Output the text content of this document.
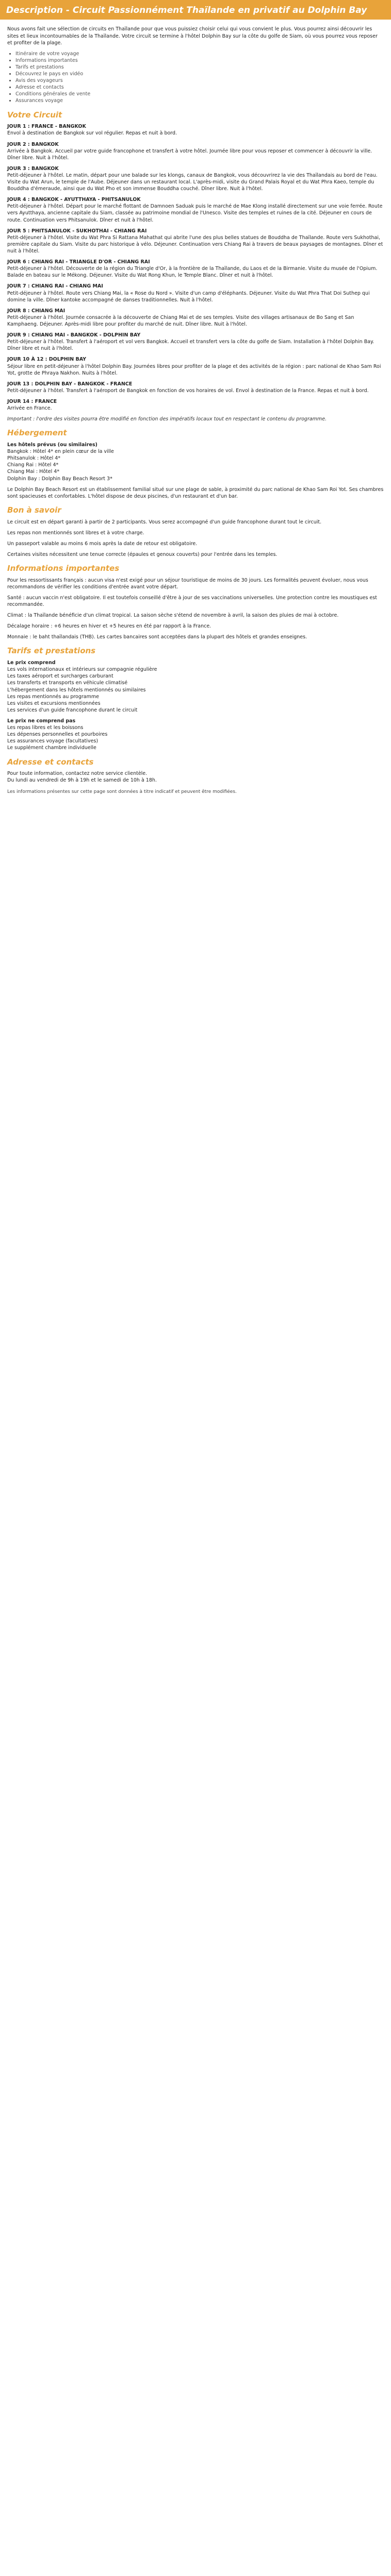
Description - Circuit Passionnément Thaïlande en privatif au Dolphin Bay
Nous avons fait une sélection de circuits en Thaïlande pour que vous puissiez choisir celui qui vous convient le plus. Vous pourrez ainsi découvrir les sites et lieux incontournables de la Thaïlande. Votre circuit se termine à l'hôtel Dolphin Bay sur la côte du golfe de Siam, où vous pourrez vous reposer et profiter de la plage.
• Itinéraire de votre voyage
• Informations importantes
• Tarifs et prestations
• Découvrez le pays en vidéo
• Avis des voyageurs
• Adresse et contacts
• Conditions générales de vente
• Assurances voyage
Votre Circuit
JOUR 1 : FRANCE - BANGKOK
Envol à destination de Bangkok sur vol régulier. Repas et nuit à bord.
JOUR 2 : BANGKOK
Arrivée à Bangkok. Accueil par votre guide francophone et transfert à votre hôtel. Journée libre pour vous reposer et commencer à découvrir la ville. Dîner libre. Nuit à l'hôtel.
JOUR 3 : BANGKOK
Petit-déjeuner à l'hôtel. Le matin, départ pour une balade sur les klongs, canaux de Bangkok, vous découvrirez la vie des Thaïlandais au bord de l'eau. Visite du Wat Arun, le temple de l'Aube. Déjeuner dans un restaurant local. L'après-midi, visite du Grand Palais Royal et du Wat Phra Kaeo, temple du Bouddha d'émeraude, ainsi que du Wat Pho et son immense Bouddha couché. Dîner libre. Nuit à l'hôtel.
JOUR 4 : BANGKOK - AYUTTHAYA - PHITSANULOK
Petit-déjeuner à l'hôtel. Départ pour le marché flottant de Damnoen Saduak puis le marché de Mae Klong installé directement sur une voie ferrée. Route vers Ayutthaya, ancienne capitale du Siam, classée au patrimoine mondial de l'Unesco. Visite des temples et ruines de la cité. Déjeuner en cours de route. Continuation vers Phitsanulok. Dîner et nuit à l'hôtel.
JOUR 5 : PHITSANULOK - SUKHOTHAI - CHIANG RAI
Petit-déjeuner à l'hôtel. Visite du Wat Phra Si Rattana Mahathat qui abrite l'une des plus belles statues de Bouddha de Thaïlande. Route vers Sukhothai, première capitale du Siam. Visite du parc historique à vélo. Déjeuner. Continuation vers Chiang Rai à travers de beaux paysages de montagnes. Dîner et nuit à l'hôtel.
JOUR 6 : CHIANG RAI - TRIANGLE D'OR - CHIANG RAI
Petit-déjeuner à l'hôtel. Découverte de la région du Triangle d'Or, à la frontière de la Thaïlande, du Laos et de la Birmanie. Visite du musée de l'Opium. Balade en bateau sur le Mékong. Déjeuner. Visite du Wat Rong Khun, le Temple Blanc. Dîner et nuit à l'hôtel.
JOUR 7 : CHIANG RAI - CHIANG MAI
Petit-déjeuner à l'hôtel. Route vers Chiang Mai, la « Rose du Nord ». Visite d'un camp d'éléphants. Déjeuner. Visite du Wat Phra That Doi Suthep qui domine la ville. Dîner kantoke accompagné de danses traditionnelles. Nuit à l'hôtel.
JOUR 8 : CHIANG MAI
Petit-déjeuner à l'hôtel. Journée consacrée à la découverte de Chiang Mai et de ses temples. Visite des villages artisanaux de Bo Sang et San Kamphaeng. Déjeuner. Après-midi libre pour profiter du marché de nuit. Dîner libre. Nuit à l'hôtel.
JOUR 9 : CHIANG MAI - BANGKOK - DOLPHIN BAY
Petit-déjeuner à l'hôtel. Transfert à l'aéroport et vol vers Bangkok. Accueil et transfert vers la côte du golfe de Siam. Installation à l'hôtel Dolphin Bay. Dîner libre et nuit à l'hôtel.
JOUR 10 À 12 : DOLPHIN BAY
Séjour libre en petit-déjeuner à l'hôtel Dolphin Bay. Journées libres pour profiter de la plage et des activités de la région : parc national de Khao Sam Roi Yot, grotte de Phraya Nakhon. Nuits à l'hôtel.
JOUR 13 : DOLPHIN BAY - BANGKOK - FRANCE
Petit-déjeuner à l'hôtel. Transfert à l'aéroport de Bangkok en fonction de vos horaires de vol. Envol à destination de la France. Repas et nuit à bord.
JOUR 14 : FRANCE
Arrivée en France.

Important : l'ordre des visites pourra être modifié en fonction des impératifs locaux tout en respectant le contenu du programme.

Hébergement
Les hôtels prévus (ou similaires)
Bangkok : Hôtel 4* en plein cœur de la ville
Phitsanulok : Hôtel 4*
Chiang Rai : Hôtel 4*
Chiang Mai : Hôtel 4*
Dolphin Bay : Dolphin Bay Beach Resort 3*

Le Dolphin Bay Beach Resort est un établissement familial situé sur une plage de sable, à proximité du parc national de Khao Sam Roi Yot. Ses chambres sont spacieuses et confortables. L'hôtel dispose de deux piscines, d'un restaurant et d'un bar.

Bon à savoir

Le circuit est en départ garanti à partir de 2 participants. Vous serez accompagné d'un guide francophone durant tout le circuit.

Les repas non mentionnés sont libres et à votre charge.

Un passeport valable au moins 6 mois après la date de retour est obligatoire.

Certaines visites nécessitent une tenue correcte (épaules et genoux couverts) pour l'entrée dans les temples.

Informations importantes

Pour les ressortissants français : aucun visa n'est exigé pour un séjour touristique de moins de 30 jours. Les formalités peuvent évoluer, nous vous recommandons de vérifier les conditions d'entrée avant votre départ.

Santé : aucun vaccin n'est obligatoire. Il est toutefois conseillé d'être à jour de ses vaccinations universelles. Une protection contre les moustiques est recommandée.

Climat : la Thaïlande bénéficie d'un climat tropical. La saison sèche s'étend de novembre à avril, la saison des pluies de mai à octobre.

Décalage horaire : +6 heures en hiver et +5 heures en été par rapport à la France.

Monnaie : le baht thaïlandais (THB). Les cartes bancaires sont acceptées dans la plupart des hôtels et grandes enseignes.

Tarifs et prestations
Le prix comprend
Les vols internationaux et intérieurs sur compagnie régulière
Les taxes aéroport et surcharges carburant
Les transferts et transports en véhicule climatisé
L'hébergement dans les hôtels mentionnés ou similaires
Les repas mentionnés au programme
Les visites et excursions mentionnées
Les services d'un guide francophone durant le circuit
Le prix ne comprend pas
Les repas libres et les boissons
Les dépenses personnelles et pourboires
Les assurances voyage (facultatives)
Le supplément chambre individuelle
Adresse et contacts
Pour toute information, contactez notre service clientèle.
Du lundi au vendredi de 9h à 19h et le samedi de 10h à 18h.
Les informations présentes sur cette page sont données à titre indicatif et peuvent être modifiées.
